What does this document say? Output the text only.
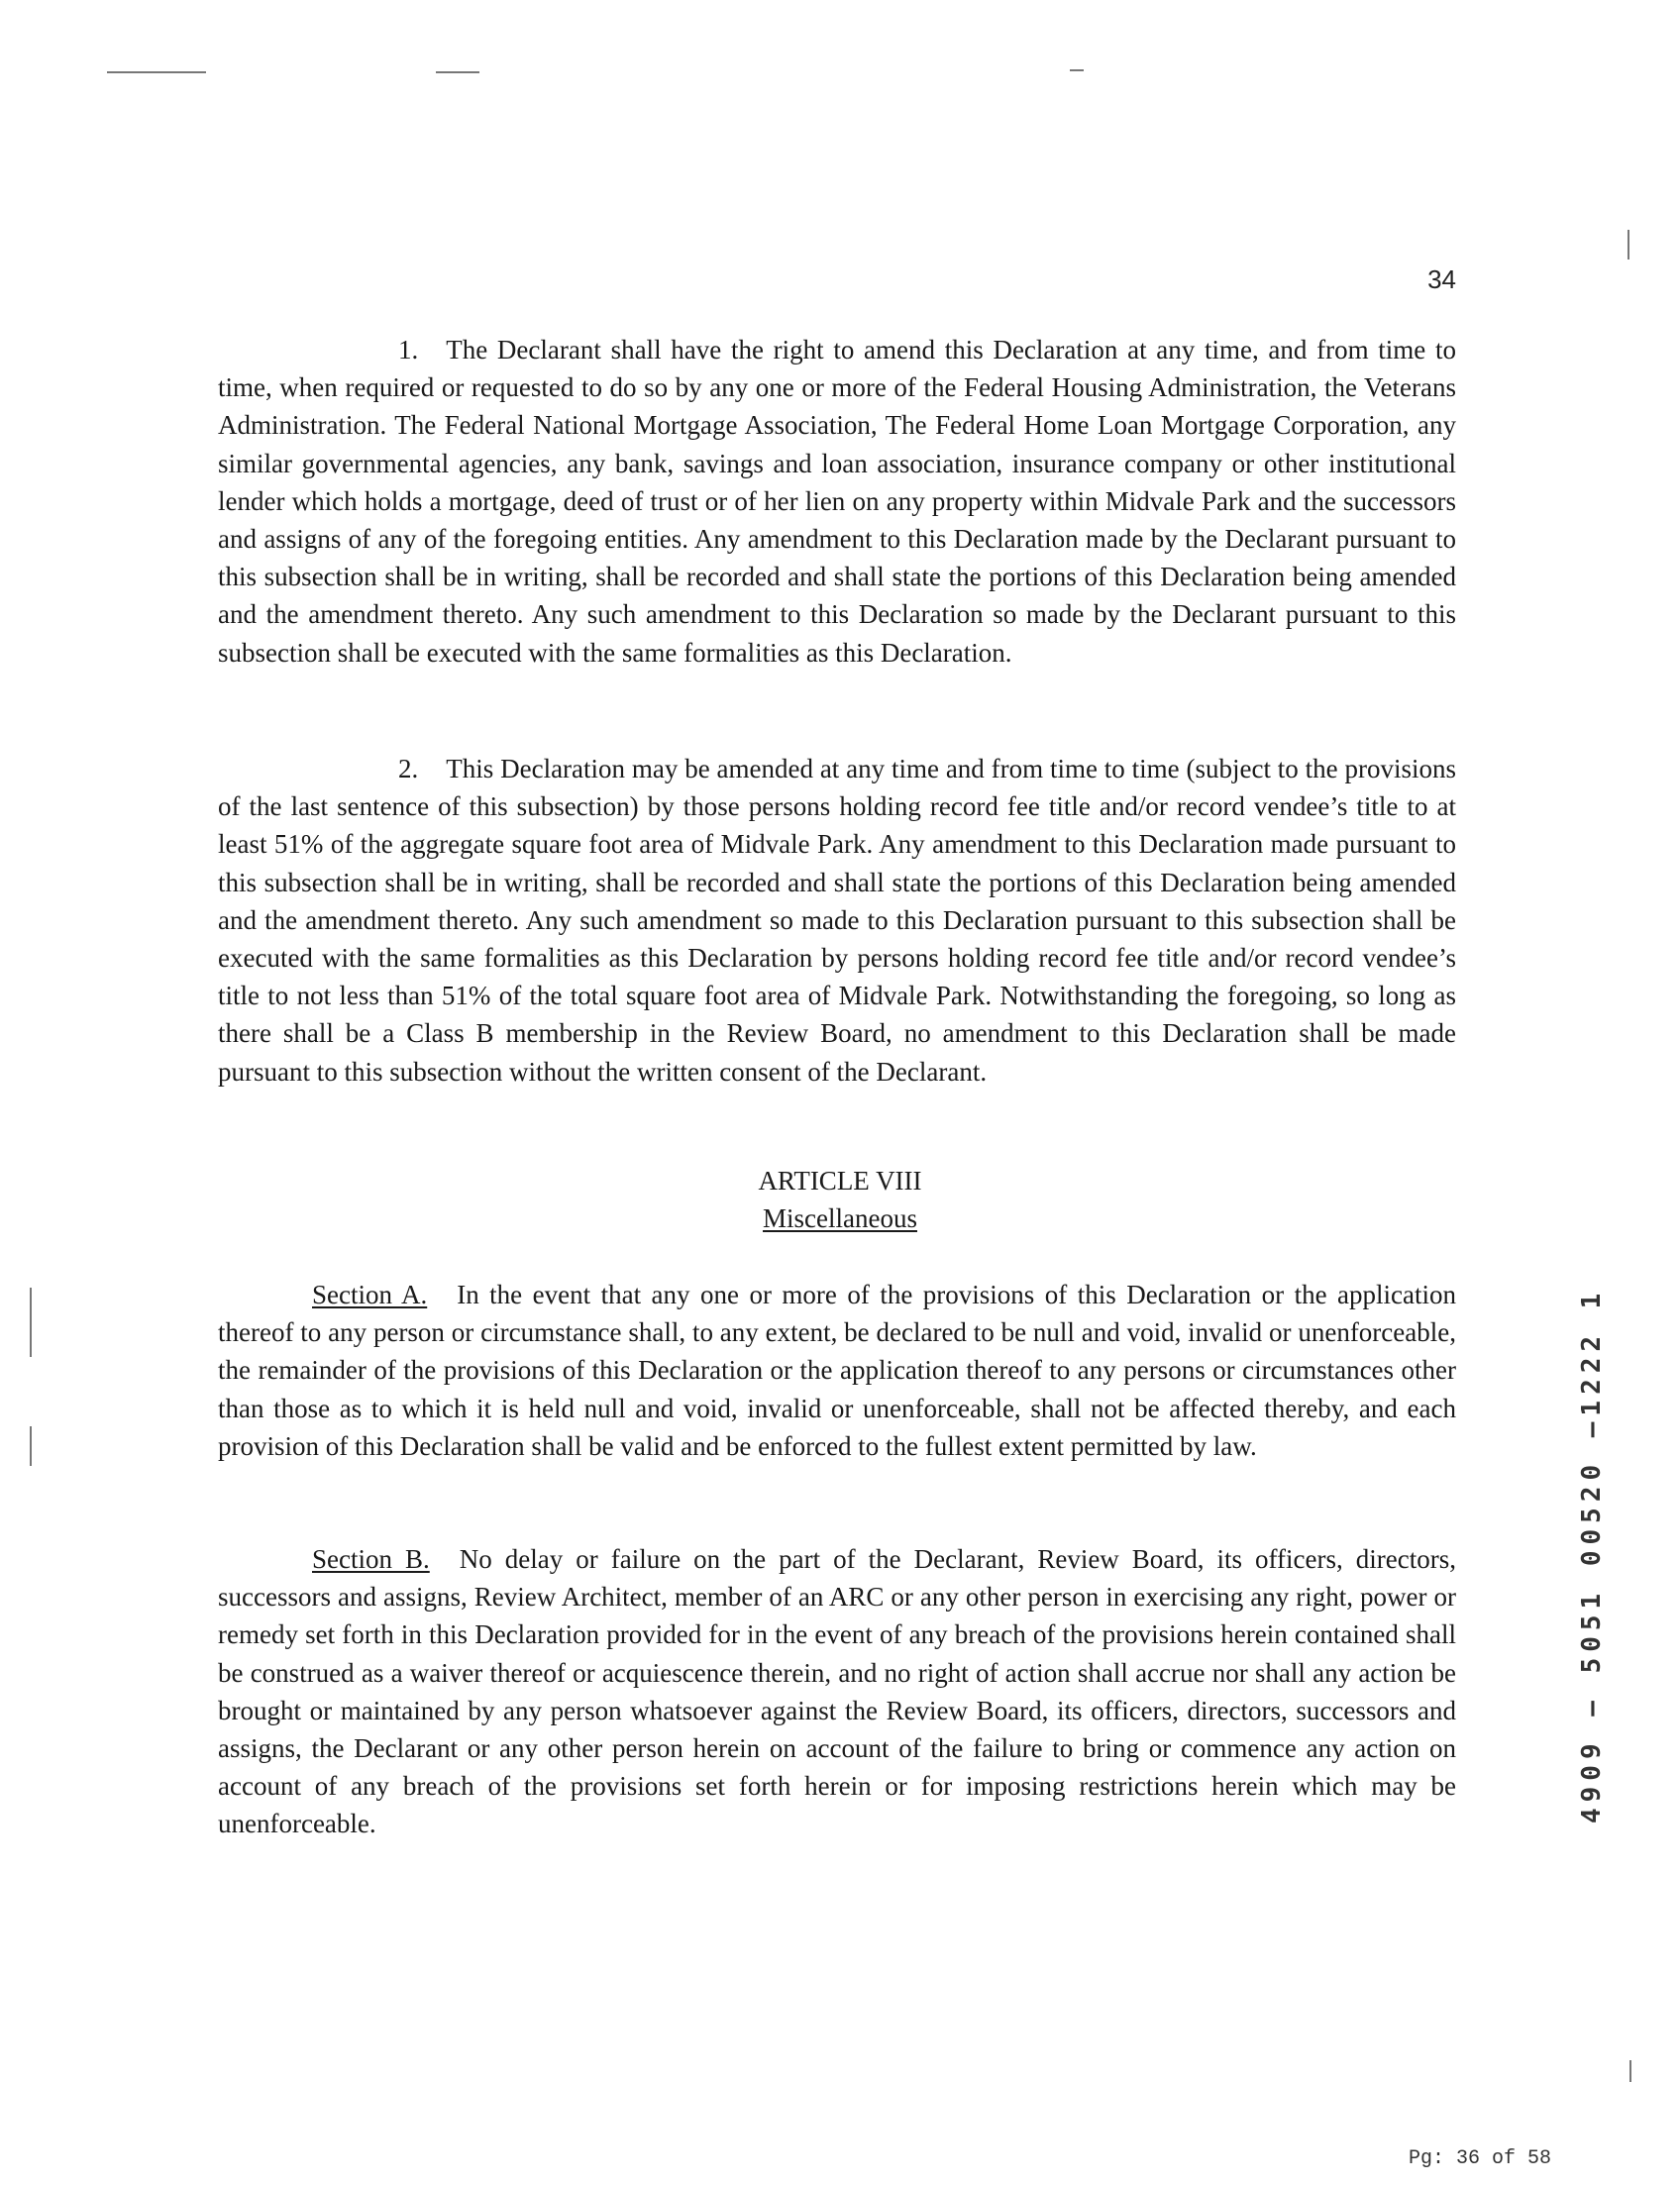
34

1. The Declarant shall have the right to amend this Declaration at any time, and from time to time, when required or requested to do so by any one or more of the Federal Housing Administration, the Veterans Administration. The Federal National Mortgage Association, The Federal Home Loan Mortgage Corporation, any similar governmental agencies, any bank, savings and loan association, insurance company or other institutional lender which holds a mortgage, deed of trust or of her lien on any property within Midvale Park and the successors and assigns of any of the foregoing entities. Any amendment to this Declaration made by the Declarant pursuant to this subsection shall be in writing, shall be recorded and shall state the portions of this Declaration being amended and the amendment thereto. Any such amendment to this Declaration so made by the Declarant pursuant to this subsection shall be executed with the same formalities as this Declaration.

2. This Declaration may be amended at any time and from time to time (subject to the provisions of the last sentence of this subsection) by those persons holding record fee title and/or record vendee’s title to at least 51% of the aggregate square foot area of Midvale Park. Any amendment to this Declaration made pursuant to this subsection shall be in writing, shall be recorded and shall state the portions of this Declaration being amended and the amendment thereto. Any such amendment so made to this Declaration pursuant to this subsection shall be executed with the same formalities as this Declaration by persons holding record fee title and/or record vendee’s title to not less than 51% of the total square foot area of Midvale Park. Notwithstanding the foregoing, so long as there shall be a Class B membership in the Review Board, no amendment to this Declaration shall be made pursuant to this subsection without the written consent of the Declarant.

ARTICLE VIII
Miscellaneous

Section A. In the event that any one or more of the provisions of this Declaration or the application thereof to any person or circumstance shall, to any extent, be declared to be null and void, invalid or unenforceable, the remainder of the provisions of this Declaration or the application thereof to any persons or circumstances other than those as to which it is held null and void, invalid or unenforceable, shall not be affected thereby, and each provision of this Declaration shall be valid and be enforced to the fullest extent permitted by law.

Section B. No delay or failure on the part of the Declarant, Review Board, its officers, directors, successors and assigns, Review Architect, member of an ARC or any other person in exercising any right, power or remedy set forth in this Declaration provided for in the event of any breach of the provisions herein contained shall be construed as a waiver thereof or acquiescence therein, and no right of action shall accrue nor shall any action be brought or maintained by any person whatsoever against the Review Board, its officers, directors, successors and assigns, the Declarant or any other person herein on account of the failure to bring or commence any action on account of any breach of the provisions set forth herein or for imposing restrictions herein which may be unenforceable.

4909 — 5051 00520 —1222 1
Pg: 36 of 58
